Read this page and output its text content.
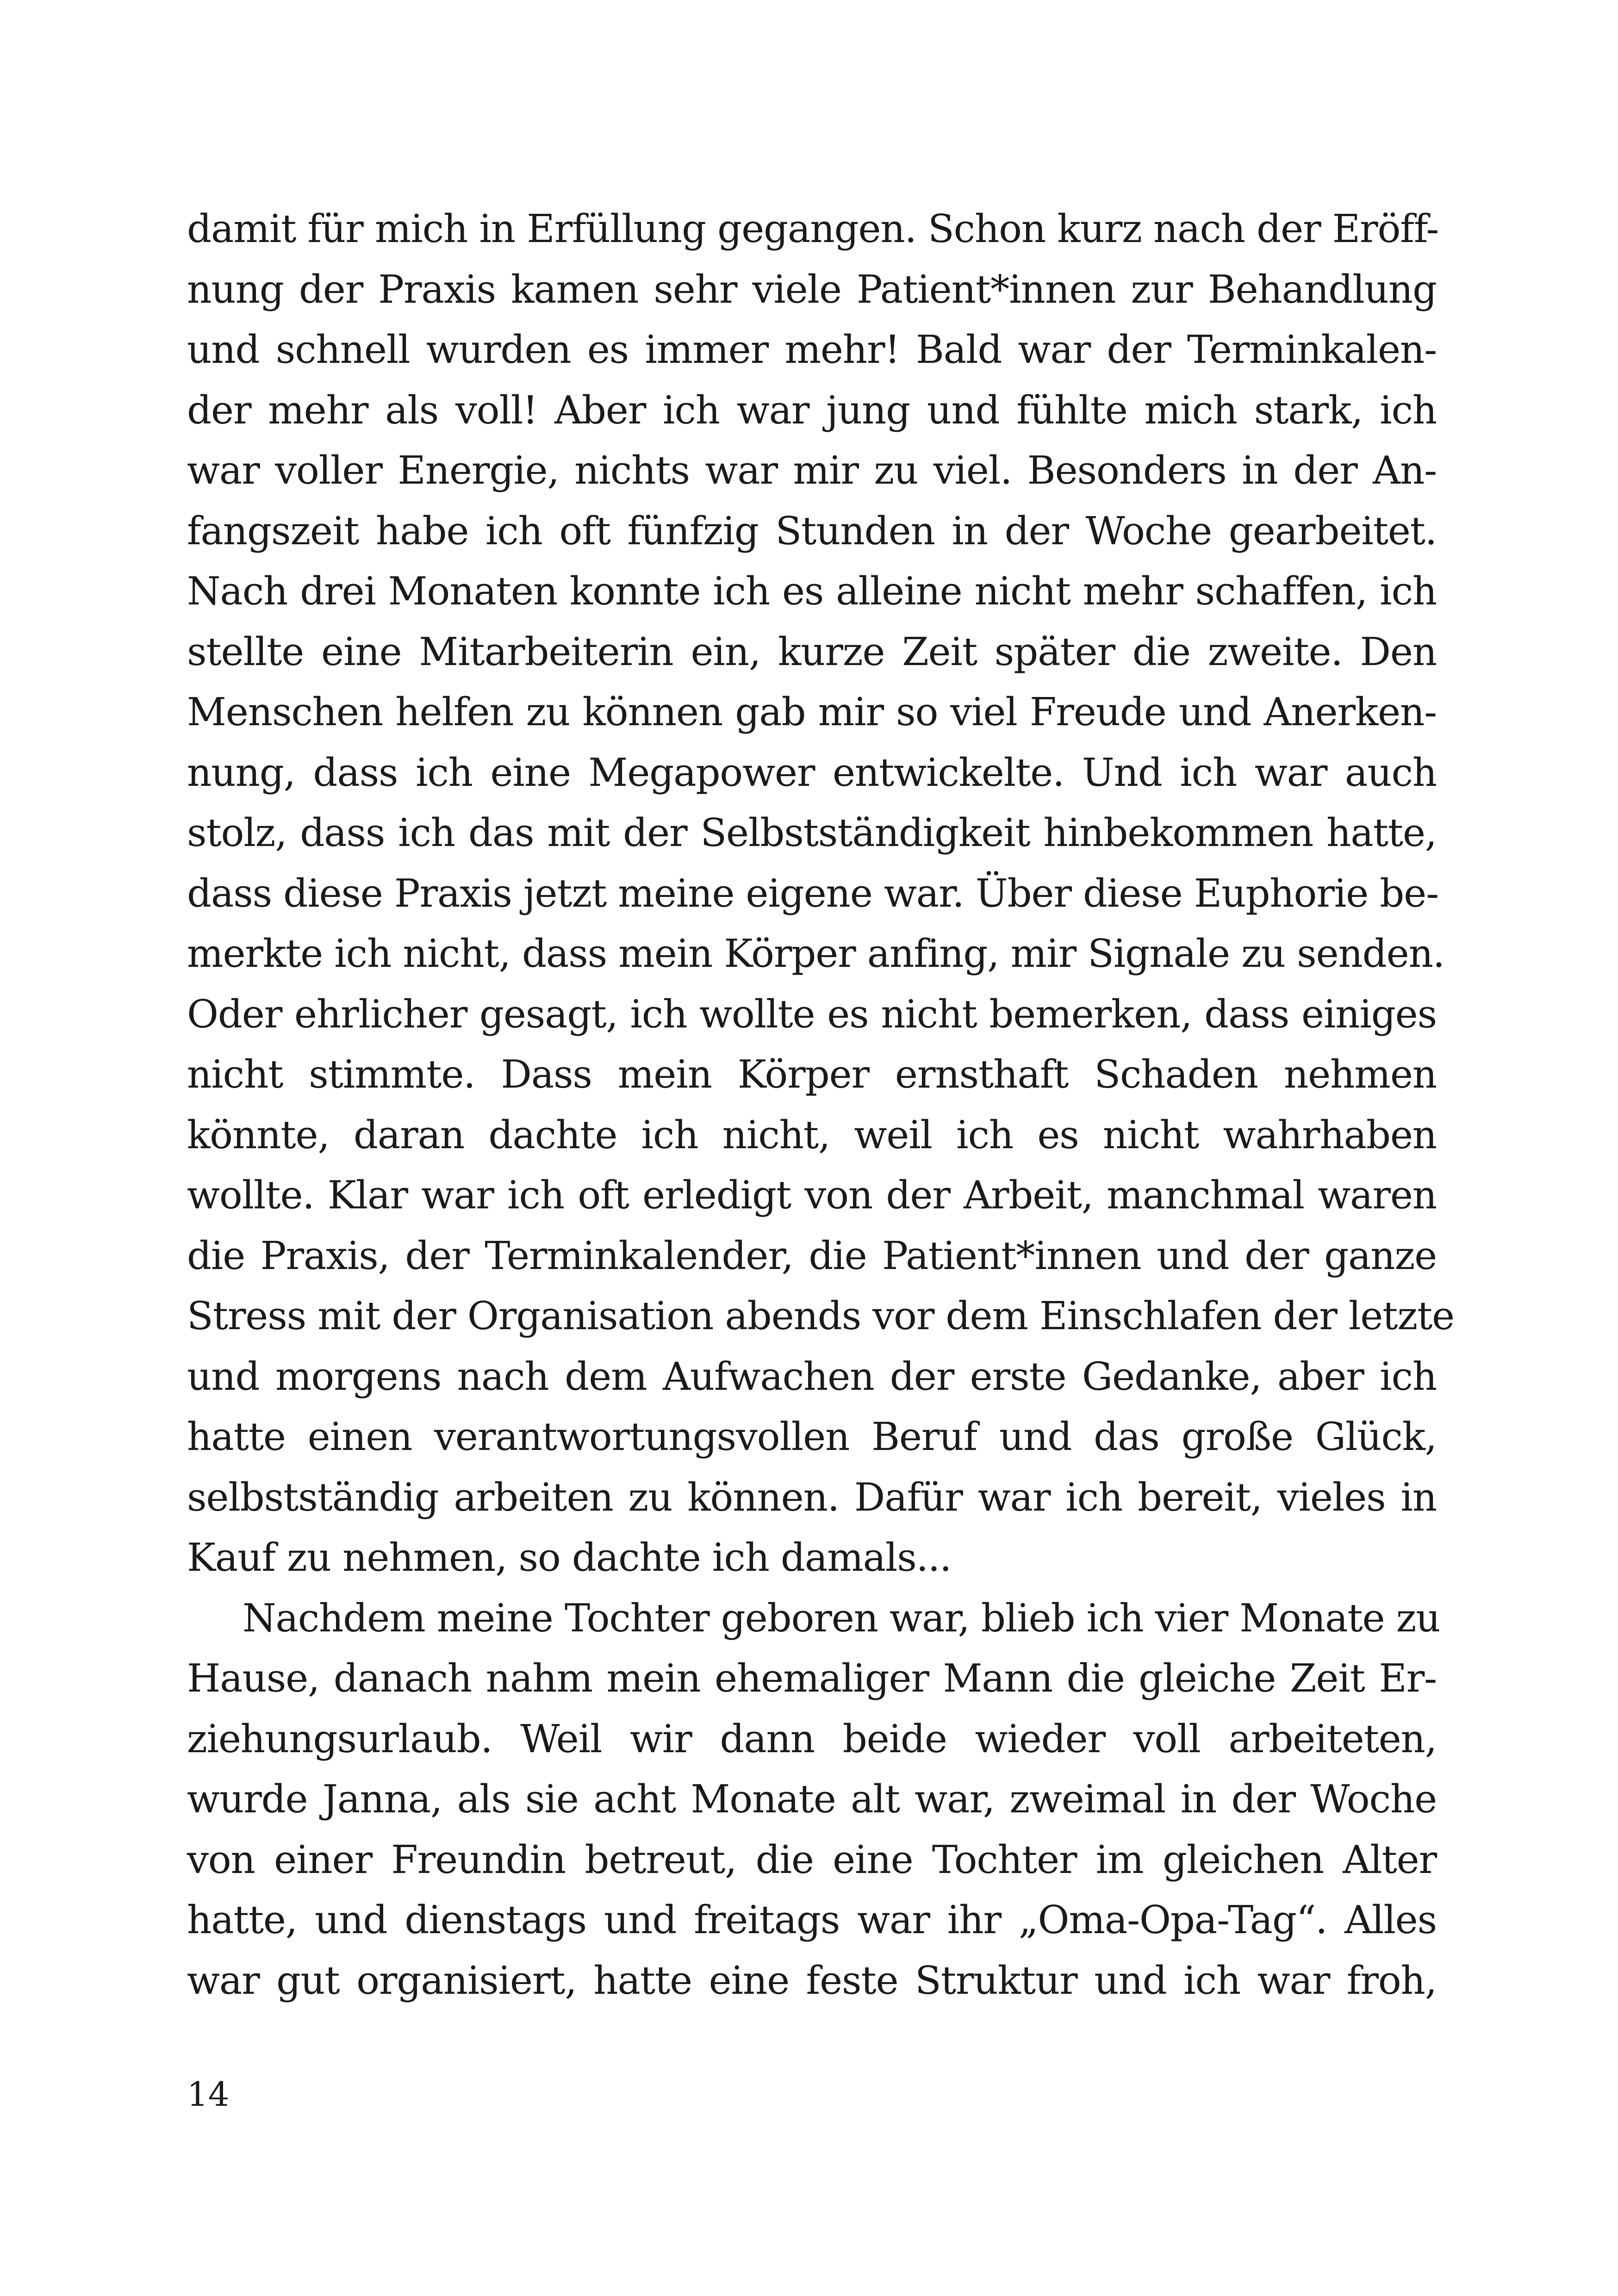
damit für mich in Erfüllung gegangen. Schon kurz nach der Eröff-
nung der Praxis kamen sehr viele Patient*innen zur Behandlung
und schnell wurden es immer mehr! Bald war der Terminkalen-
der mehr als voll! Aber ich war jung und fühlte mich stark, ich
war voller Energie, nichts war mir zu viel. Besonders in der An-
fangszeit habe ich oft fünfzig Stunden in der Woche gearbeitet.
Nach drei Monaten konnte ich es alleine nicht mehr schaffen, ich
stellte eine Mitarbeiterin ein, kurze Zeit später die zweite. Den
Menschen helfen zu können gab mir so viel Freude und Anerken-
nung, dass ich eine Megapower entwickelte. Und ich war auch
stolz, dass ich das mit der Selbstständigkeit hinbekommen hatte,
dass diese Praxis jetzt meine eigene war. Über diese Euphorie be-
merkte ich nicht, dass mein Körper anfing, mir Signale zu senden.
Oder ehrlicher gesagt, ich wollte es nicht bemerken, dass einiges
nicht stimmte. Dass mein Körper ernsthaft Schaden nehmen
könnte, daran dachte ich nicht, weil ich es nicht wahrhaben
wollte. Klar war ich oft erledigt von der Arbeit, manchmal waren
die Praxis, der Terminkalender, die Patient*innen und der ganze
Stress mit der Organisation abends vor dem Einschlafen der letzte
und morgens nach dem Aufwachen der erste Gedanke, aber ich
hatte einen verantwortungsvollen Beruf und das große Glück,
selbstständig arbeiten zu können. Dafür war ich bereit, vieles in
Kauf zu nehmen, so dachte ich damals...
Nachdem meine Tochter geboren war, blieb ich vier Monate zu
Hause, danach nahm mein ehemaliger Mann die gleiche Zeit Er-
ziehungsurlaub. Weil wir dann beide wieder voll arbeiteten,
wurde Janna, als sie acht Monate alt war, zweimal in der Woche
von einer Freundin betreut, die eine Tochter im gleichen Alter
hatte, und dienstags und freitags war ihr „Oma-Opa-Tag“. Alles
war gut organisiert, hatte eine feste Struktur und ich war froh,
14
